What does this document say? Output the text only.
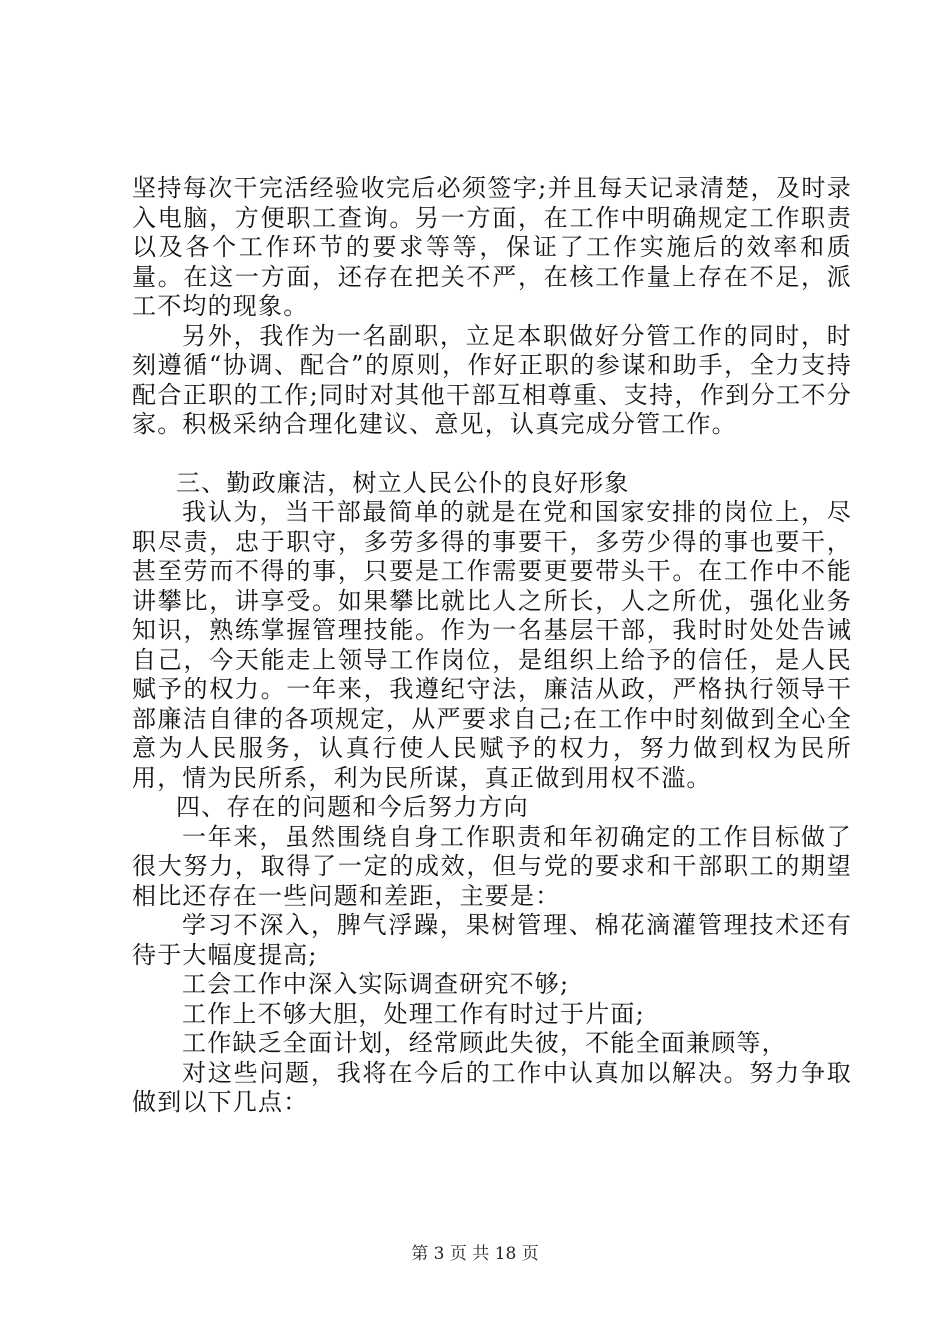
坚持每次干完活经验收完后必须签字;并且每天记录清楚，及时录入电脑，方便职工查询。另一方面，在工作中明确规定工作职责以及各个工作环节的要求等等，保证了工作实施后的效率和质量。在这一方面，还存在把关不严，在核工作量上存在不足，派工不均的现象。

另外，我作为一名副职，立足本职做好分管工作的同时，时刻遵循“协调、配合”的原则，作好正职的参谋和助手，全力支持配合正职的工作;同时对其他干部互相尊重、支持，作到分工不分家。积极采纳合理化建议、意见，认真完成分管工作。

三、勤政廉洁，树立人民公仆的良好形象

我认为，当干部最简单的就是在党和国家安排的岗位上，尽职尽责，忠于职守，多劳多得的事要干，多劳少得的事也要干，甚至劳而不得的事，只要是工作需要更要带头干。在工作中不能讲攀比，讲享受。如果攀比就比人之所长，人之所优，强化业务知识，熟练掌握管理技能。作为一名基层干部，我时时处处告诫自己，今天能走上领导工作岗位，是组织上给予的信任，是人民赋予的权力。一年来，我遵纪守法，廉洁从政，严格执行领导干部廉洁自律的各项规定，从严要求自己;在工作中时刻做到全心全意为人民服务，认真行使人民赋予的权力，努力做到权为民所用，情为民所系，利为民所谋，真正做到用权不滥。

四、存在的问题和今后努力方向

一年来，虽然围绕自身工作职责和年初确定的工作目标做了很大努力，取得了一定的成效，但与党的要求和干部职工的期望相比还存在一些问题和差距，主要是：

学习不深入，脾气浮躁，果树管理、棉花滴灌管理技术还有待于大幅度提高;

工会工作中深入实际调查研究不够;

工作上不够大胆，处理工作有时过于片面;

工作缺乏全面计划，经常顾此失彼，不能全面兼顾等，

对这些问题，我将在今后的工作中认真加以解决。努力争取做到以下几点：

第 3 页 共 18 页
